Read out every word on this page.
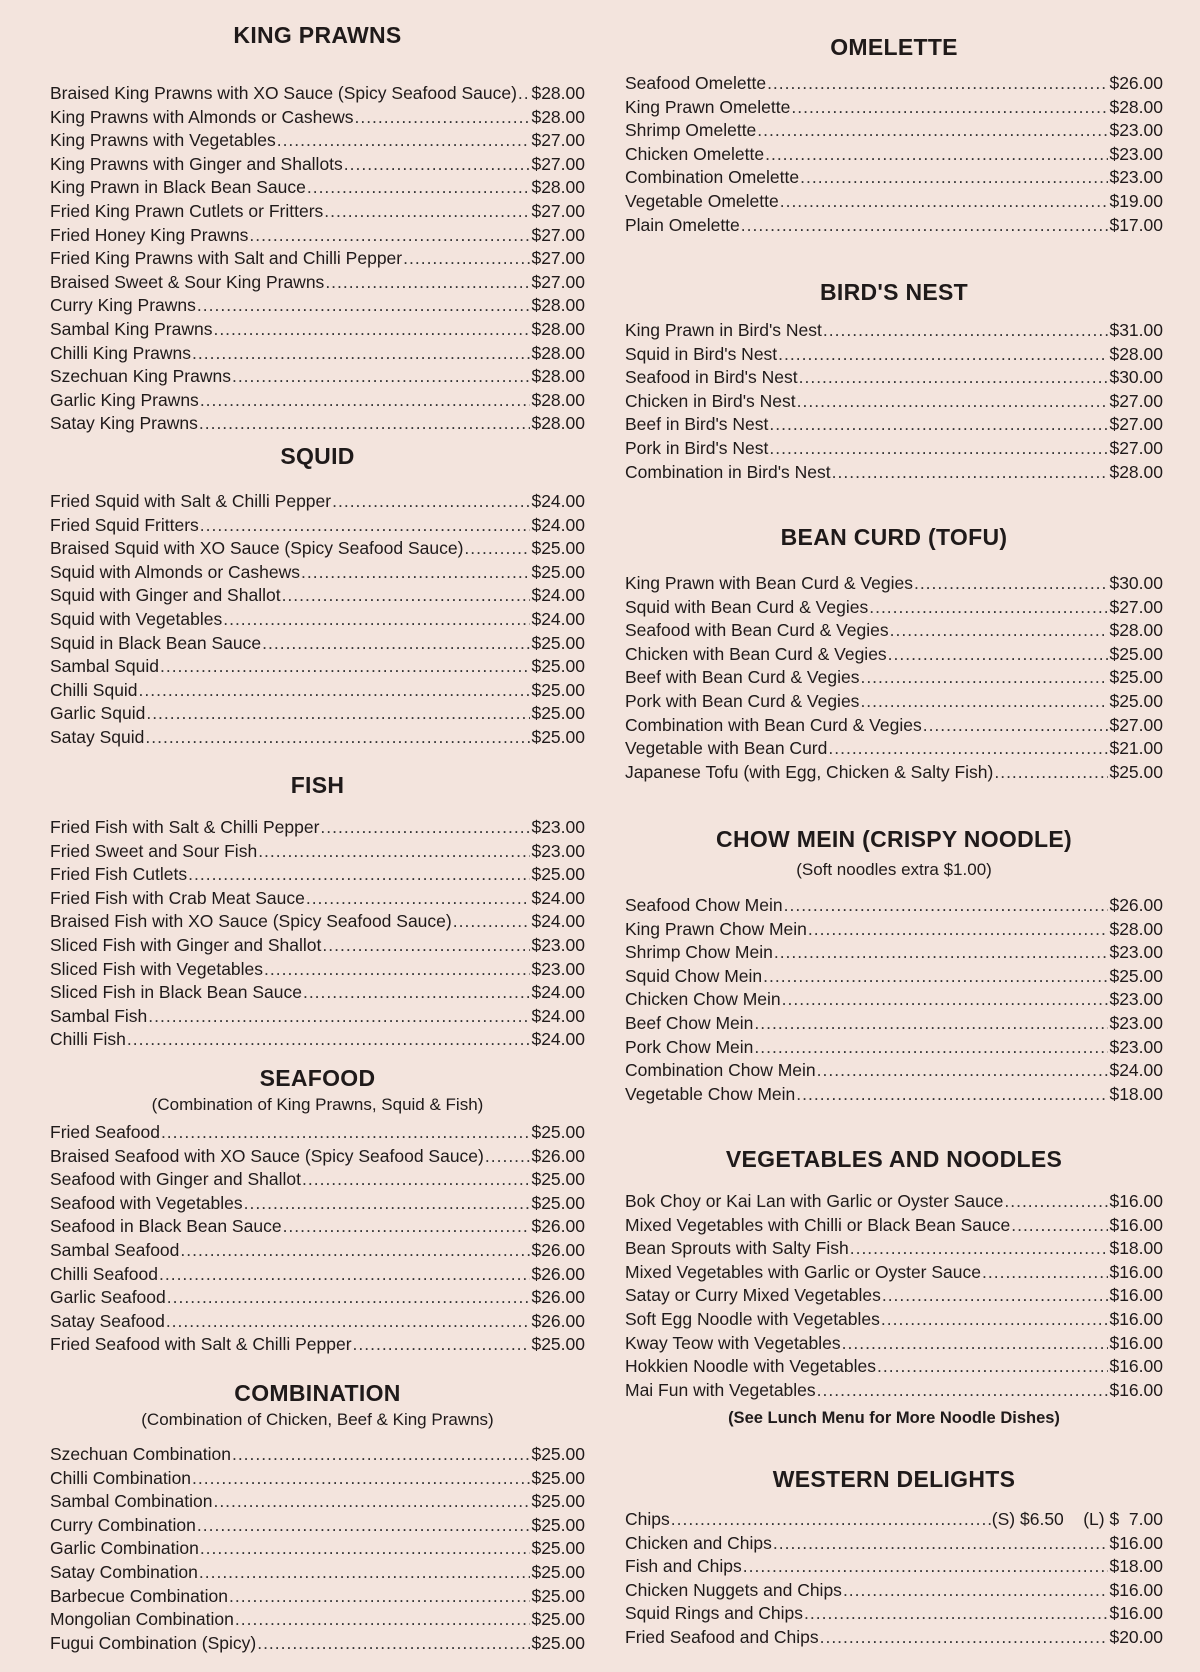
KING PRAWNS
Braised King Prawns with XO Sauce (Spicy Seafood Sauce) ..... $28.00
King Prawns with Almonds or Cashews .....	$28.00
King Prawns with Vegetables .....	$27.00
King Prawns with Ginger and Shallots .....	$27.00
King Prawn in Black Bean Sauce .....	$28.00
Fried King Prawn Cutlets or Fritters .....	$27.00
Fried Honey King Prawns .....	$27.00
Fried King Prawns with Salt and Chilli Pepper .....	$27.00
Braised Sweet & Sour King Prawns .....	$27.00
Curry King Prawns .....	$28.00
Sambal King Prawns .....	$28.00
Chilli King Prawns .....	$28.00
Szechuan King Prawns .....	$28.00
Garlic King Prawns .....	$28.00
Satay King Prawns .....	$28.00
SQUID
Fried Squid with Salt & Chilli Pepper .....	$24.00
Fried Squid Fritters .....	$24.00
Braised Squid with XO Sauce (Spicy Seafood Sauce) .....	$25.00
Squid with Almonds or Cashews .....	$25.00
Squid with Ginger and Shallot .....	$24.00
Squid with Vegetables .....	$24.00
Squid in Black Bean Sauce .....	$25.00
Sambal Squid .....	$25.00
Chilli Squid .....	$25.00
Garlic Squid .....	$25.00
Satay Squid .....	$25.00
FISH
Fried Fish with Salt & Chilli Pepper .....	$23.00
Fried Sweet and Sour Fish .....	$23.00
Fried Fish Cutlets .....	$25.00
Fried Fish with Crab Meat Sauce .....	$24.00
Braised Fish with XO Sauce (Spicy Seafood Sauce) .....	$24.00
Sliced Fish with Ginger and Shallot .....	$23.00
Sliced Fish with Vegetables .....	$23.00
Sliced Fish in Black Bean Sauce .....	$24.00
Sambal Fish .....	$24.00
Chilli Fish .....	$24.00
SEAFOOD
(Combination of King Prawns, Squid & Fish)
Fried Seafood .....	$25.00
Braised Seafood with XO Sauce (Spicy Seafood Sauce) .....	$26.00
Seafood with Ginger and Shallot .....	$25.00
Seafood with Vegetables .....	$25.00
Seafood in Black Bean Sauce .....	$26.00
Sambal Seafood .....	$26.00
Chilli Seafood .....	$26.00
Garlic Seafood .....	$26.00
Satay Seafood .....	$26.00
Fried Seafood with Salt & Chilli Pepper .....	$25.00
COMBINATION
(Combination of Chicken, Beef & King Prawns)
Szechuan Combination .....	$25.00
Chilli Combination .....	$25.00
Sambal Combination .....	$25.00
Curry Combination .....	$25.00
Garlic Combination .....	$25.00
Satay Combination .....	$25.00
Barbecue Combination .....	$25.00
Mongolian Combination .....	$25.00
Fugui Combination (Spicy) .....	$25.00
OMELETTE
Seafood Omelette .....	$26.00
King Prawn Omelette .....	$28.00
Shrimp Omelette .....	$23.00
Chicken Omelette .....	$23.00
Combination Omelette .....	$23.00
Vegetable Omelette .....	$19.00
Plain Omelette .....	$17.00
BIRD'S NEST
King Prawn in Bird's Nest .....	$31.00
Squid in Bird's Nest .....	$28.00
Seafood in Bird's Nest .....	$30.00
Chicken in Bird's Nest .....	$27.00
Beef in Bird's Nest .....	$27.00
Pork in Bird's Nest .....	$27.00
Combination in Bird's Nest .....	$28.00
BEAN CURD (TOFU)
King Prawn with Bean Curd & Vegies .....	$30.00
Squid with Bean Curd & Vegies .....	$27.00
Seafood with Bean Curd & Vegies .....	$28.00
Chicken with Bean Curd & Vegies .....	$25.00
Beef with Bean Curd & Vegies .....	$25.00
Pork with Bean Curd & Vegies .....	$25.00
Combination with Bean Curd & Vegies .....	$27.00
Vegetable with Bean Curd .....	$21.00
Japanese Tofu (with Egg, Chicken & Salty Fish) .....	$25.00
CHOW MEIN (CRISPY NOODLE)
(Soft noodles extra $1.00)
Seafood Chow Mein .....	$26.00
King Prawn Chow Mein .....	$28.00
Shrimp Chow Mein .....	$23.00
Squid Chow Mein .....	$25.00
Chicken Chow Mein .....	$23.00
Beef Chow Mein .....	$23.00
Pork Chow Mein .....	$23.00
Combination Chow Mein .....	$24.00
Vegetable Chow Mein .....	$18.00
VEGETABLES AND NOODLES
Bok Choy or Kai Lan with Garlic or Oyster Sauce .....	$16.00
Mixed Vegetables with Chilli or Black Bean Sauce .....	$16.00
Bean Sprouts with Salty Fish .....	$18.00
Mixed Vegetables with Garlic or Oyster Sauce .....	$16.00
Satay or Curry Mixed Vegetables .....	$16.00
Soft Egg Noodle with Vegetables .....	$16.00
Kway Teow with Vegetables .....	$16.00
Hokkien Noodle with Vegetables .....	$16.00
Mai Fun with Vegetables .....	$16.00
(See Lunch Menu for More Noodle Dishes)
WESTERN DELIGHTS
Chips .....	(S) $6.50    (L) $  7.00
Chicken and Chips .....	$16.00
Fish and Chips .....	$18.00
Chicken Nuggets and Chips .....	$16.00
Squid Rings and Chips .....	$16.00
Fried Seafood and Chips .....	$20.00
